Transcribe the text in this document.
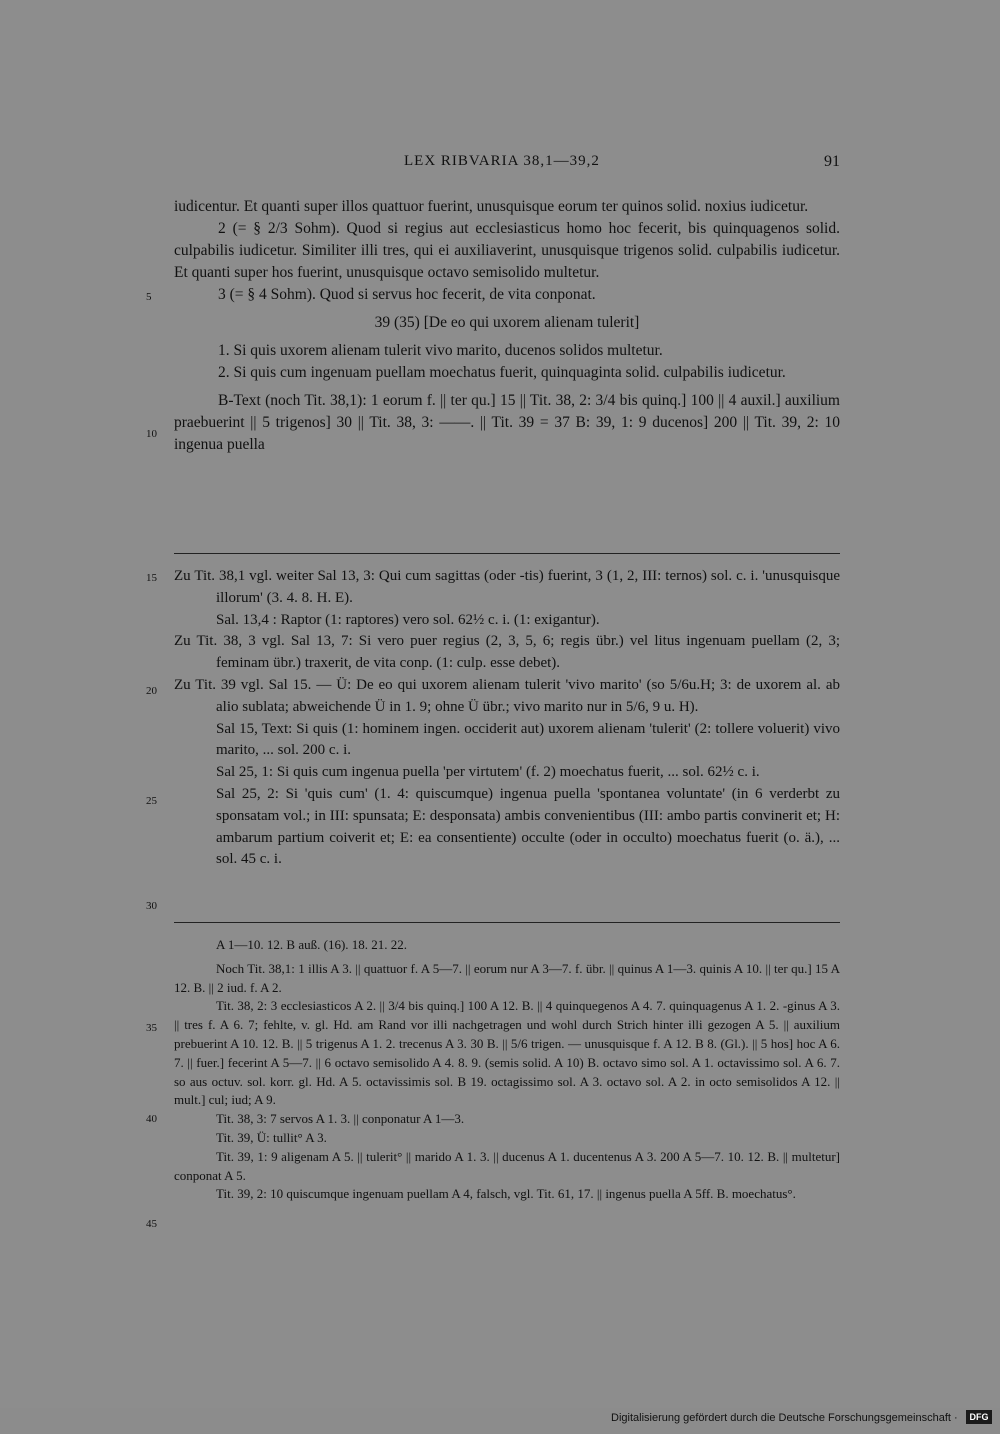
LEX RIBVARIA 38,1—39,2	91

iudicentur. Et quanti super illos quattuor fuerint, unusquisque eorum ter quinos solid. noxius iudicetur.

2 (= § 2/3 Sohm). Quod si regius aut ecclesiasticus homo hoc fecerit, bis quinquagenos solid. culpabilis iudicetur. Similiter illi tres, qui ei auxiliaverint, unusquisque trigenos solid. culpabilis iudicetur. Et quanti super hos fuerint, unusquisque octavo semisolido multetur.

3 (= § 4 Sohm). Quod si servus hoc fecerit, de vita conponat.

39 (35) [De eo qui uxorem alienam tulerit]

1. Si quis uxorem alienam tulerit vivo marito, ducenos solidos multetur.

2. Si quis cum ingenuam puellam moechatus fuerit, quinquaginta solid. culpabilis iudicetur.

B-Text (noch Tit. 38,1): 1 eorum f. || ter qu.] 15 || Tit. 38, 2: 3/4 bis quinq.] 100 || 4 auxil.] auxilium praebuerint || 5 trigenos] 30 || Tit. 38, 3: ——. || Tit. 39 = 37 B: 39, 1: 9 ducenos] 200 || Tit. 39, 2: 10 ingenua puella

5
10
15
20
25
30
35
40
45

Zu Tit. 38,1 vgl. weiter Sal 13, 3: Qui cum sagittas (oder -tis) fuerint, 3 (1, 2, III: ternos) sol. c. i. 'unusquisque illorum' (3. 4. 8. H. E).

Sal. 13,4 : Raptor (1: raptores) vero sol. 62½ c. i. (1: exigantur).

Zu Tit. 38, 3 vgl. Sal 13, 7: Si vero puer regius (2, 3, 5, 6; regis übr.) vel litus ingenuam puellam (2, 3; feminam übr.) traxerit, de vita conp. (1: culp. esse debet).

Zu Tit. 39 vgl. Sal 15. — Ü: De eo qui uxorem alienam tulerit 'vivo marito' (so 5/6u.H; 3: de uxorem al. ab alio sublata; abweichende Ü in 1. 9; ohne Ü übr.; vivo marito nur in 5/6, 9 u. H).

Sal 15, Text: Si quis (1: hominem ingen. occiderit aut) uxorem alienam 'tulerit' (2: tollere voluerit) vivo marito, ... sol. 200 c. i.

Sal 25, 1: Si quis cum ingenua puella 'per virtutem' (f. 2) moechatus fuerit, ... sol. 62½ c. i.

Sal 25, 2: Si 'quis cum' (1. 4: quiscumque) ingenua puella 'spontanea voluntate' (in 6 verderbt zu sponsatam vol.; in III: spunsata; E: desponsata) ambis convenientibus (III: ambo partis convinerit et; H: ambarum partium coiverit et; E: ea consentiente) occulte (oder in occulto) moechatus fuerit (o. ä.), ... sol. 45 c. i.

A 1—10. 12. B auß. (16). 18. 21. 22.

Noch Tit. 38,1: 1 illis A 3. || quattuor f. A 5—7. || eorum nur A 3—7. f. übr. || quinus A 1—3. quinis A 10. || ter qu.] 15 A 12. B. || 2 iud. f. A 2.

Tit. 38, 2: 3 ecclesiasticos A 2. || 3/4 bis quinq.] 100 A 12. B. || 4 quinquegenos A 4. 7. quinquagenus A 1. 2. -ginus A 3. || tres f. A 6. 7; fehlte, v. gl. Hd. am Rand vor illi nachgetragen und wohl durch Strich hinter illi gezogen A 5. || auxilium prebuerint A 10. 12. B. || 5 trigenus A 1. 2. trecenus A 3. 30 B. || 5/6 trigen. — unusquisque f. A 12. B 8. (Gl.). || 5 hos] hoc A 6. 7. || fuer.] fecerint A 5—7. || 6 octavo semisolido A 4. 8. 9. (semis solid. A 10) B. octavo simo sol. A 1. octavissimo sol. A 6. 7. so aus octuv. sol. korr. gl. Hd. A 5. octavissimis sol. B 19. octagissimo sol. A 3. octavo sol. A 2. in octo semisolidos A 12. || mult.] cul; iud; A 9.

Tit. 38, 3: 7 servos A 1. 3. || conponatur A 1—3.

Tit. 39, Ü: tullit° A 3.

Tit. 39, 1: 9 aligenam A 5. || tulerit° || marido A 1. 3. || ducenus A 1. ducentenus A 3. 200 A 5—7. 10. 12. B. || multetur] conponat A 5.

Tit. 39, 2: 10 quiscumque ingenuam puellam A 4, falsch, vgl. Tit. 61, 17. || ingenus puella A 5ff. B. moechatus°.

Digitalisierung gefördert durch die Deutsche Forschungsgemeinschaft ·	DFG
